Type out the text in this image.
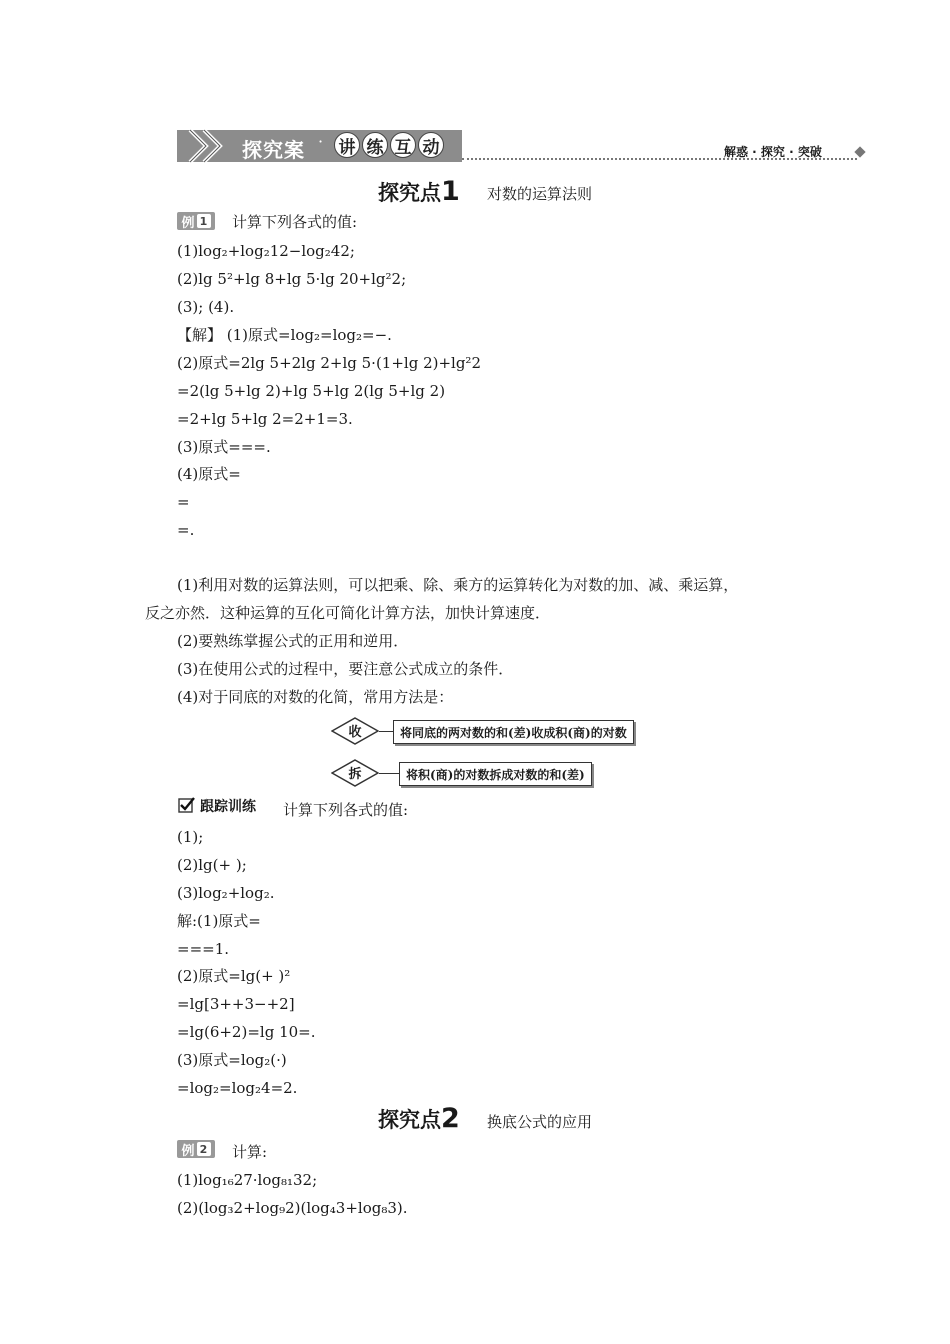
探究案 · 讲 练 互 动	解惑 · 探究 · 突破
探究点1 对数的运算法则
例 1 计算下列各式的值:
(1)log₂+log₂12−log₂42;
(2)lg 5²+lg 8+lg 5·lg 20+lg²2;
(3); (4).
【解】 (1)原式=log₂=log₂=−.
(2)原式=2lg 5+2lg 2+lg 5·(1+lg 2)+lg²2
=2(lg 5+lg 2)+lg 5+lg 2(lg 5+lg 2)
=2+lg 5+lg 2=2+1=3.
(3)原式===.
(4)原式=
=
=.
(1)利用对数的运算法则，可以把乘、除、乘方的运算转化为对数的加、减、乘运算，
反之亦然．这种运算的互化可简化计算方法，加快计算速度．
(2)要熟练掌握公式的正用和逆用．
(3)在使用公式的过程中，要注意公式成立的条件．
(4)对于同底的对数的化简，常用方法是：
收	将同底的两对数的和(差)收成积(商)的对数
拆	将积(商)的对数拆成对数的和(差)
跟踪训练 计算下列各式的值:
(1);
(2)lg(+ );
(3)log₂+log₂.
解:(1)原式=
===1.
(2)原式=lg(+ )²
=lg[3++3−+2]
=lg(6+2)=lg 10=.
(3)原式=log₂(·)
=log₂=log₂4=2.
探究点2 换底公式的应用
例 2 计算:
(1)log₁₆27·log₈₁32;
(2)(log₃2+log₉2)(log₄3+log₈3).
